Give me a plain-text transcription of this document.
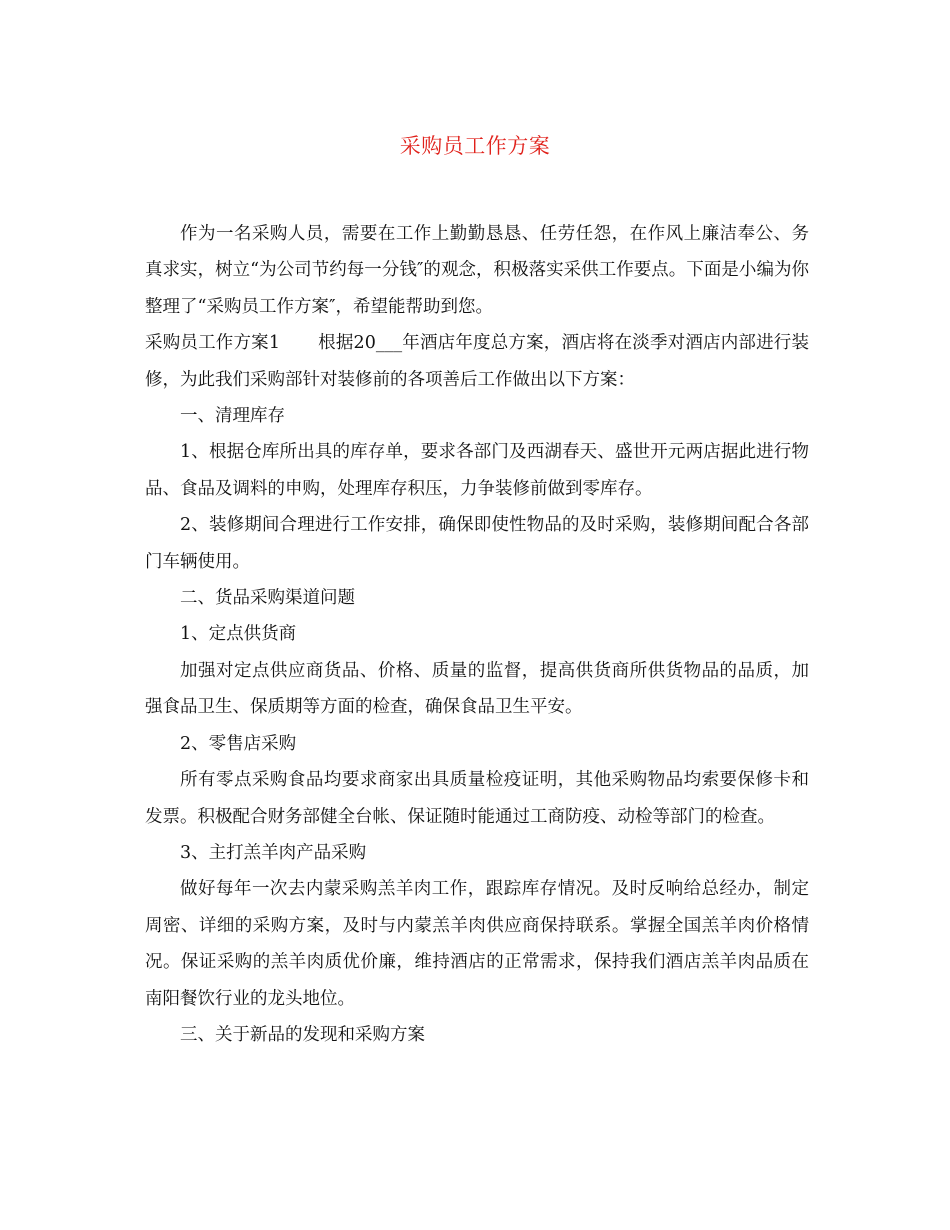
采购员工作方案

作为一名采购人员，需要在工作上勤勤恳恳、任劳任怨，在作风上廉洁奉公、务真求实，树立“为公司节约每一分钱″的观念，积极落实采供工作要点。下面是小编为你整理了“采购员工作方案″，希望能帮助到您。

采购员工作方案1 根据20___年酒店年度总方案，酒店将在淡季对酒店内部进行装修，为此我们采购部针对装修前的各项善后工作做出以下方案：

一、清理库存

1、根据仓库所出具的库存单，要求各部门及西湖春天、盛世开元两店据此进行物品、食品及调料的申购，处理库存积压，力争装修前做到零库存。

2、装修期间合理进行工作安排，确保即使性物品的及时采购，装修期间配合各部门车辆使用。

二、货品采购渠道问题

1、定点供货商

加强对定点供应商货品、价格、质量的监督，提高供货商所供货物品的品质，加强食品卫生、保质期等方面的检查，确保食品卫生平安。

2、零售店采购

所有零点采购食品均要求商家出具质量检疫证明，其他采购物品均索要保修卡和发票。积极配合财务部健全台帐、保证随时能通过工商防疫、动检等部门的检查。

3、主打羔羊肉产品采购

做好每年一次去内蒙采购羔羊肉工作，跟踪库存情况。及时反响给总经办，制定周密、详细的采购方案，及时与内蒙羔羊肉供应商保持联系。掌握全国羔羊肉价格情况。保证采购的羔羊肉质优价廉，维持酒店的正常需求，保持我们酒店羔羊肉品质在南阳餐饮行业的龙头地位。

三、关于新品的发现和采购方案
